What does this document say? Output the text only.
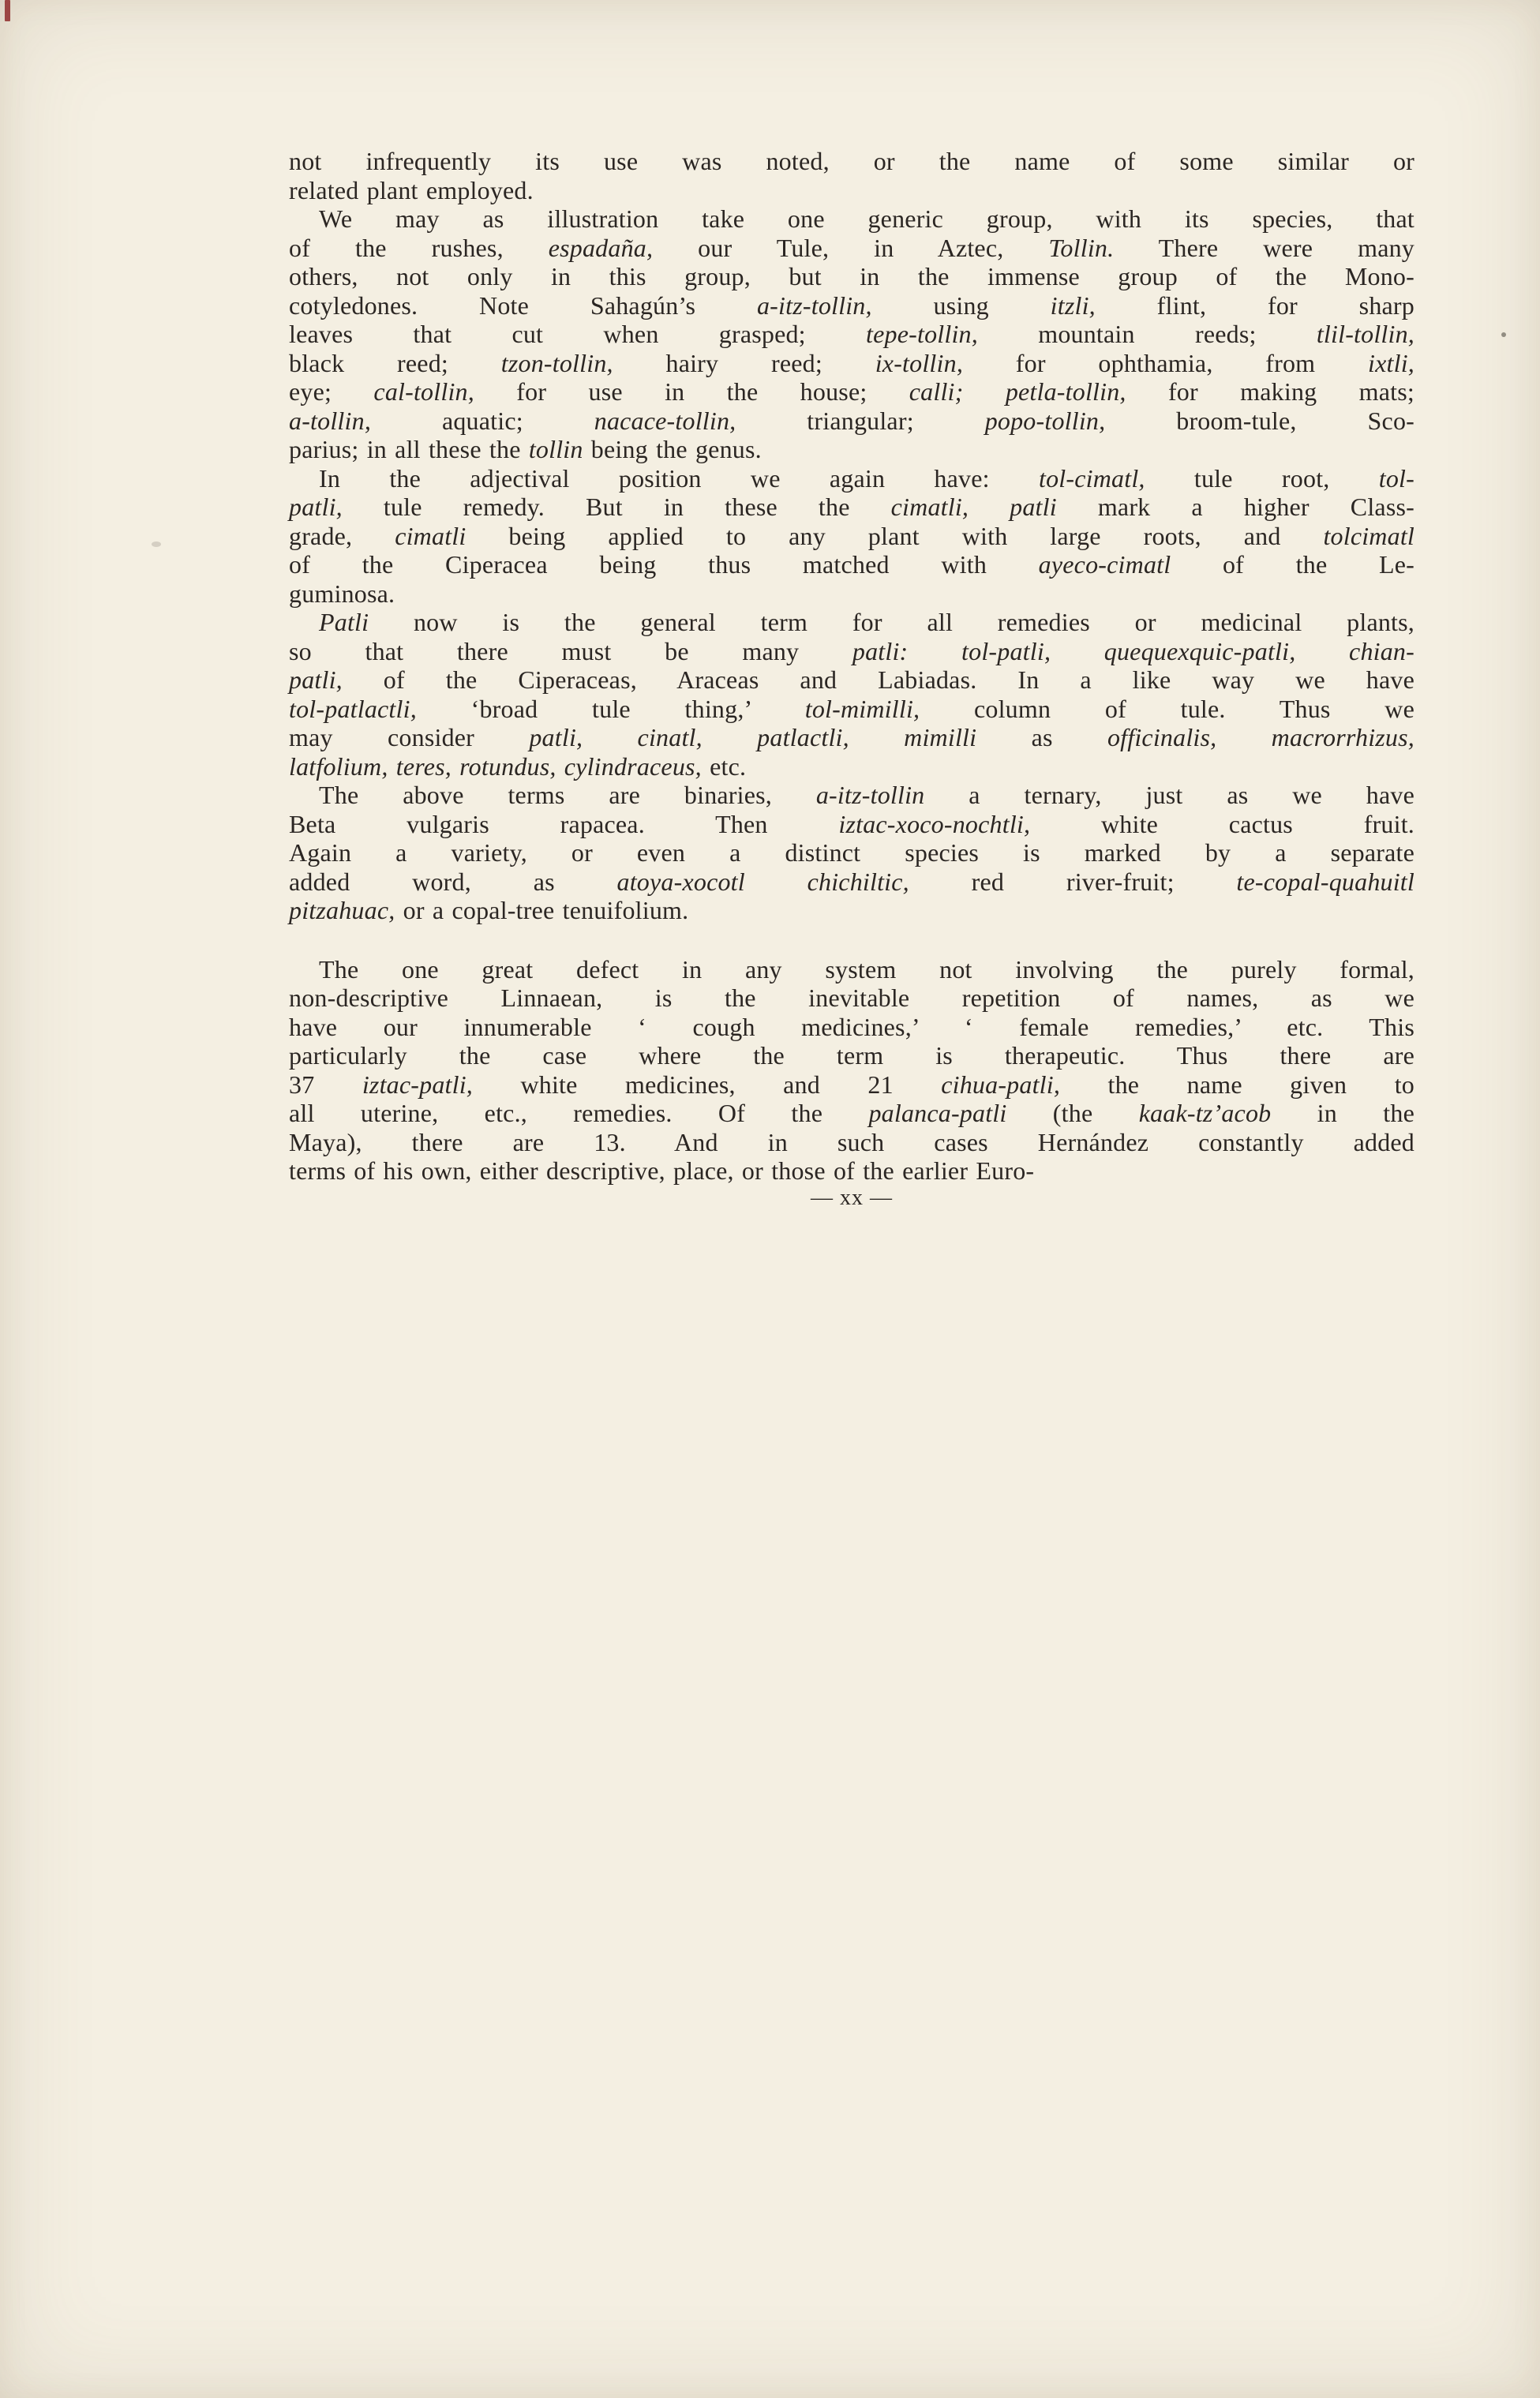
not infrequently its use was noted, or the name of some similar or
related plant employed.

We may as illustration take one generic group, with its species, that
of the rushes, espadaña, our Tule, in Aztec, Tollin. There were many
others, not only in this group, but in the immense group of the Mono-
cotyledones. Note Sahagún’s a-itz-tollin, using itzli, flint, for sharp
leaves that cut when grasped; tepe-tollin, mountain reeds; tlil-tollin,
black reed; tzon-tollin, hairy reed; ix-tollin, for ophthamia, from ixtli,
eye; cal-tollin, for use in the house; calli; petla-tollin, for making mats;
a-tollin, aquatic; nacace-tollin, triangular; popo-tollin, broom-tule, Sco-
parius; in all these the tollin being the genus.

In the adjectival position we again have: tol-cimatl, tule root, tol-
patli, tule remedy. But in these the cimatli, patli mark a higher Class-
grade, cimatli being applied to any plant with large roots, and tolcimatl
of the Ciperacea being thus matched with ayeco-cimatl of the Le-
guminosa.

Patli now is the general term for all remedies or medicinal plants,
so that there must be many patli: tol-patli, quequexquic-patli, chian-
patli, of the Ciperaceas, Araceas and Labiadas. In a like way we have
tol-patlactli, ‘broad tule thing,’ tol-mimilli, column of tule. Thus we
may consider patli, cinatl, patlactli, mimilli as officinalis, macrorrhizus,
latfolium, teres, rotundus, cylindraceus, etc.

The above terms are binaries, a-itz-tollin a ternary, just as we have
Beta vulgaris rapacea. Then iztac-xoco-nochtli, white cactus fruit.
Again a variety, or even a distinct species is marked by a separate
added word, as atoya-xocotl chichiltic, red river-fruit; te-copal-quahuitl
pitzahuac, or a copal-tree tenuifolium.

The one great defect in any system not involving the purely formal,
non-descriptive Linnaean, is the inevitable repetition of names, as we
have our innumerable ‘ cough medicines,’ ‘ female remedies,’ etc. This
particularly the case where the term is therapeutic. Thus there are
37 iztac-patli, white medicines, and 21 cihua-patli, the name given to
all uterine, etc., remedies. Of the palanca-patli (the kaak-tz’acob in the
Maya), there are 13. And in such cases Hernández constantly added
terms of his own, either descriptive, place, or those of the earlier Euro-

— xx —
